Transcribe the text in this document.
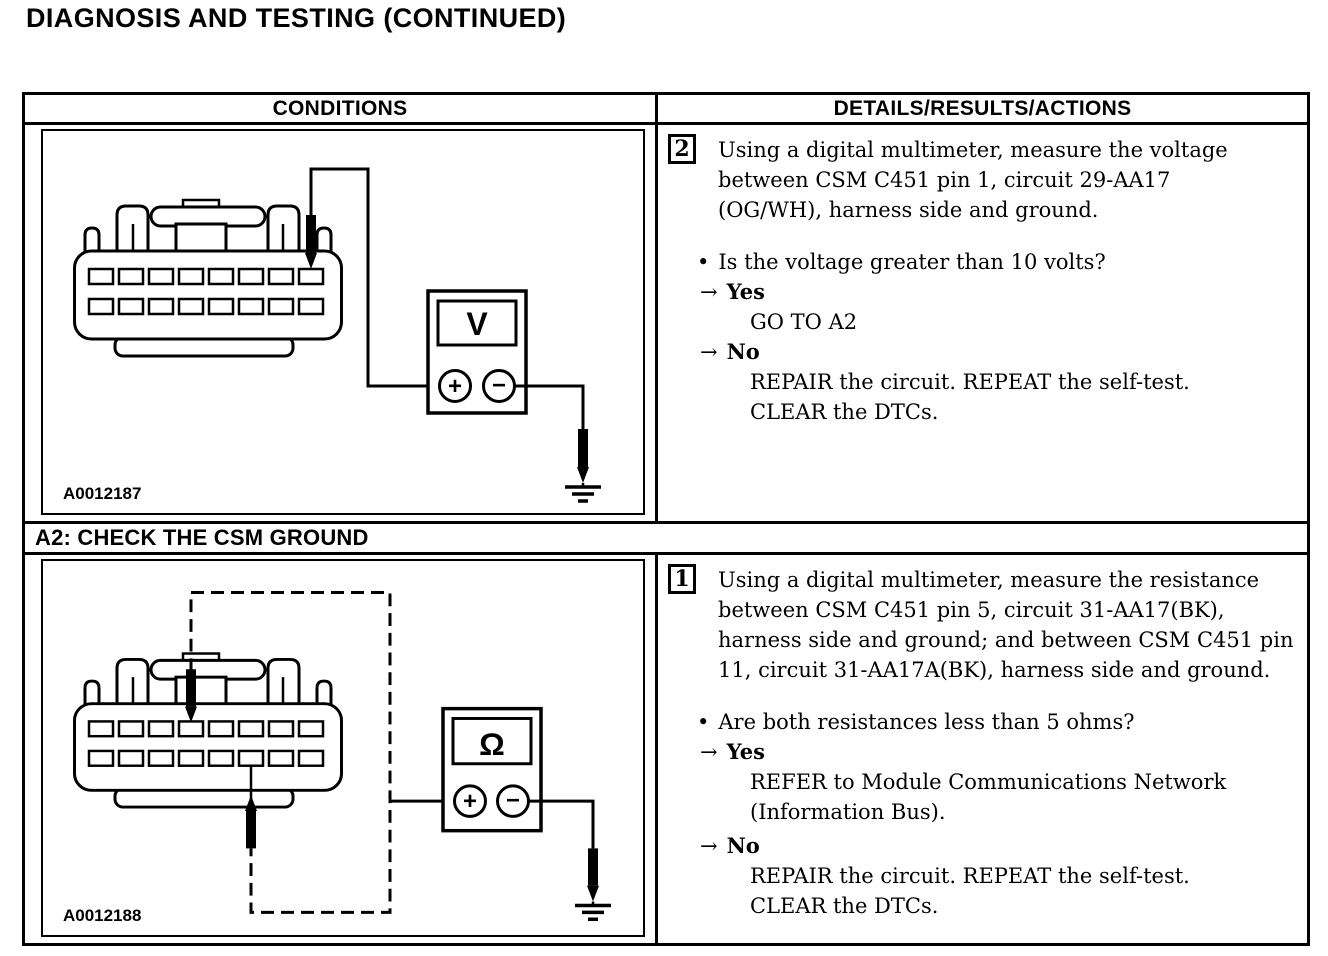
DIAGNOSIS AND TESTING (CONTINUED)
CONDITIONS	DETAILS/RESULTS/ACTIONS
V
+ −
A0012187
2	Using a digital multimeter, measure the voltage
between CSM C451 pin 1, circuit 29-AA17
(OG/WH), harness side and ground.
• Is the voltage greater than 10 volts?
→ Yes
GO TO A2
→ No
REPAIR the circuit. REPEAT the self-test.
CLEAR the DTCs.
A2: CHECK THE CSM GROUND
Ω
+ −
A0012188
1	Using a digital multimeter, measure the resistance
between CSM C451 pin 5, circuit 31-AA17(BK),
harness side and ground; and between CSM C451 pin
11, circuit 31-AA17A(BK), harness side and ground.
• Are both resistances less than 5 ohms?
→ Yes
REFER to Module Communications Network
(Information Bus).
→ No
REPAIR the circuit. REPEAT the self-test.
CLEAR the DTCs.
